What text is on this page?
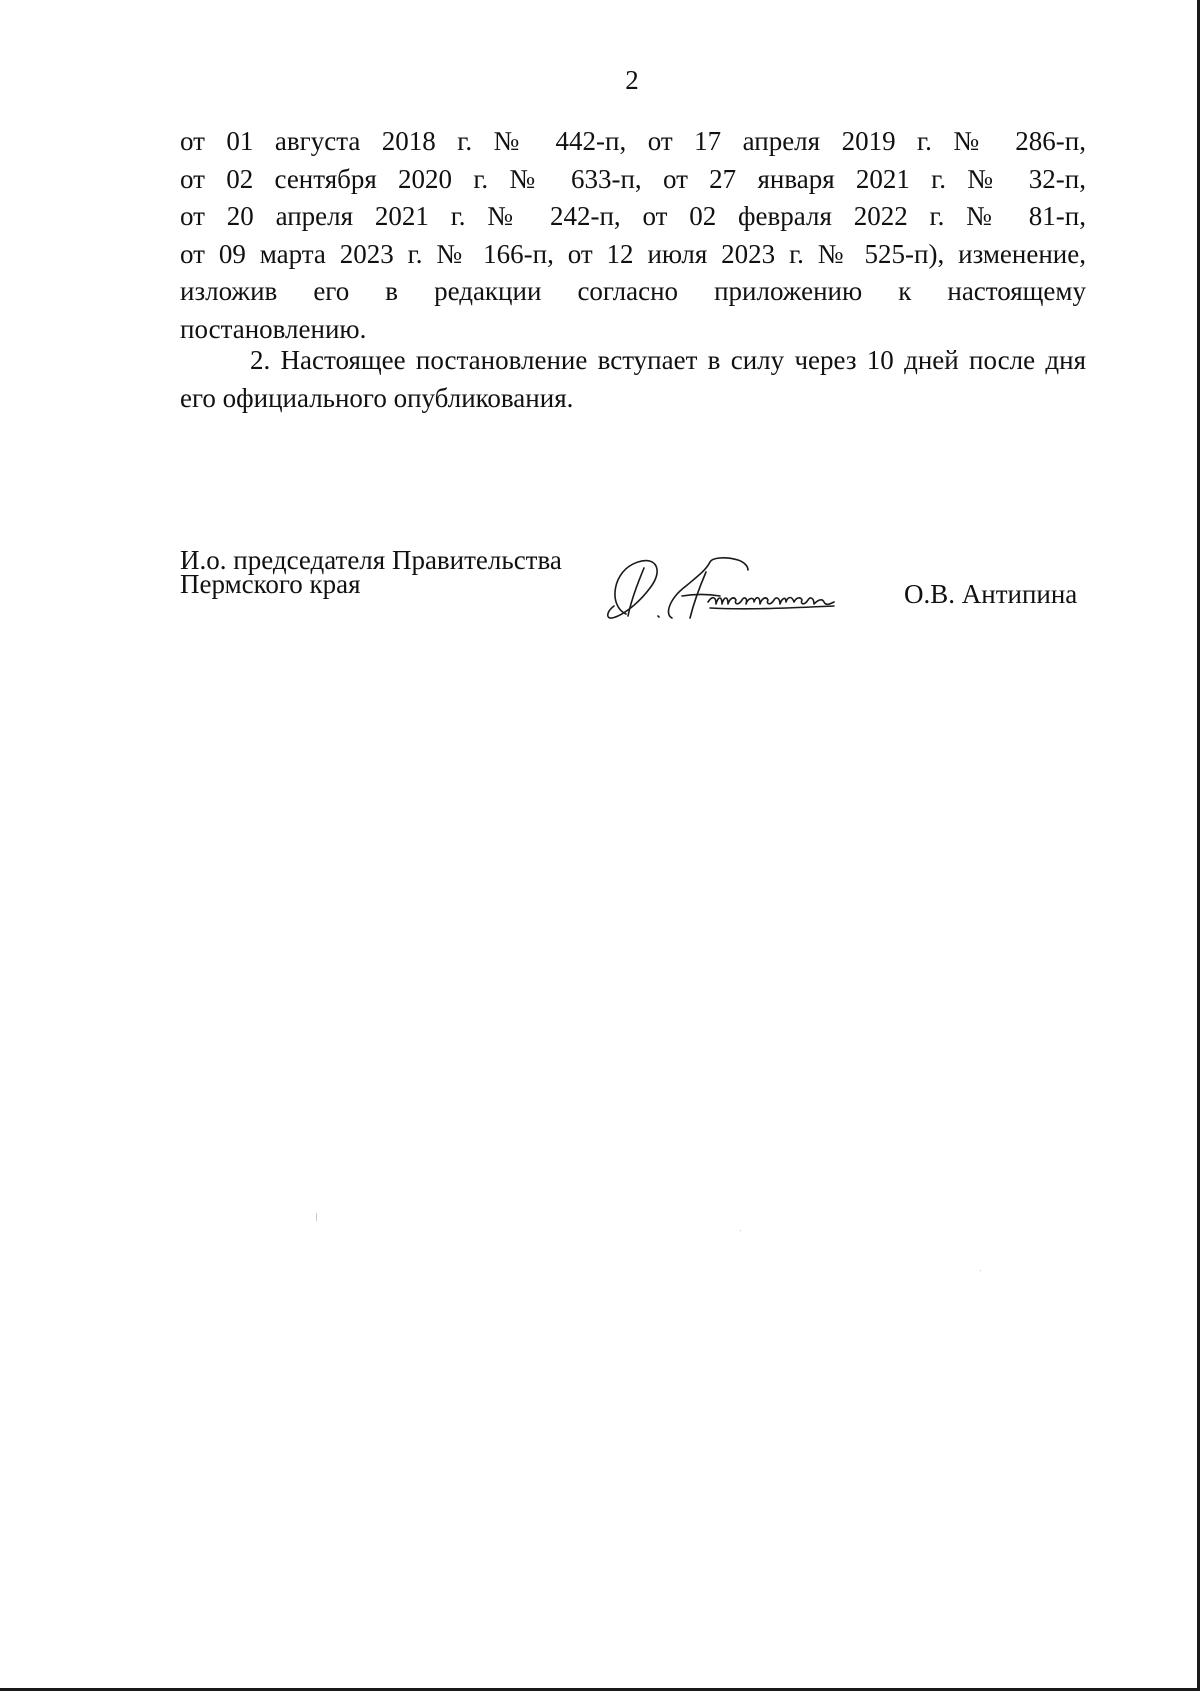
2
от 01 августа 2018 г. № 442-п, от 17 апреля 2019 г. № 286-п,
от 02 сентября 2020 г. № 633-п, от 27 января 2021 г. № 32-п,
от 20 апреля 2021 г. № 242-п, от 02 февраля 2022 г. № 81-п,
от 09 марта 2023 г. № 166-п, от 12 июля 2023 г. № 525-п), изменение,
изложив его в редакции согласно приложению к настоящему
постановлению.
2. Настоящее постановление вступает в силу через 10 дней после дня
его официального опубликования.
И.о. председателя Правительства
Пермского края	О.В. Антипина
